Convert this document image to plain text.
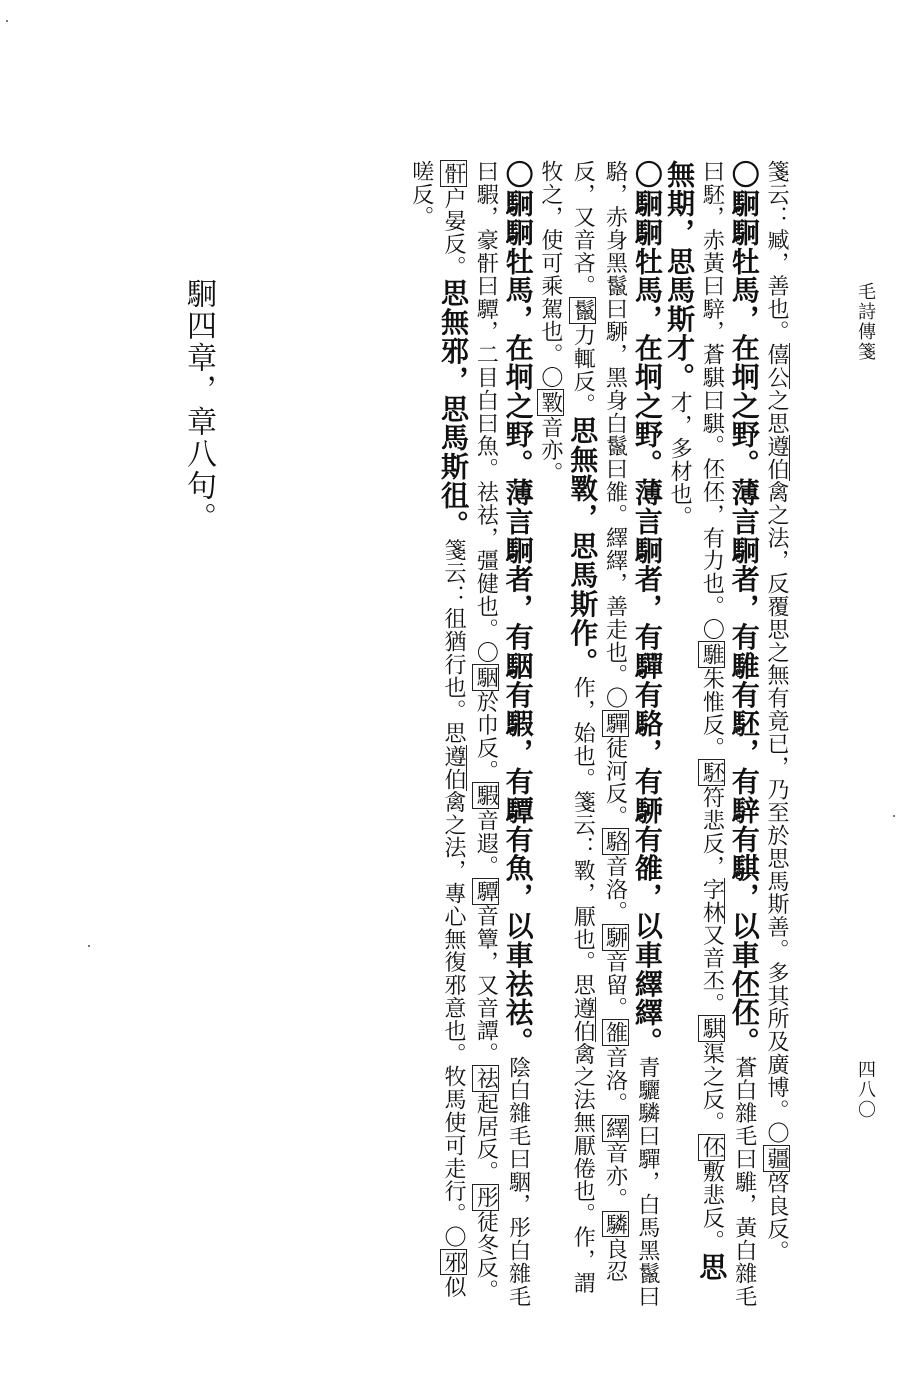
毛詩傳箋
四八〇

箋云：臧，善也。僖公之思遵伯禽之法，反覆思之無有竟已，乃至於思馬斯善。多其所及廣博。〇疆啓良反。

〇駉駉牡馬，在坰之野。薄言駉者，有騅有駓，有騂有騏，以車伾伾。蒼白雜毛曰騅，黃白雜毛曰駓，赤黃曰騂，蒼騏曰騏。伾伾，有力也。〇騅朱惟反。駓符悲反，字林又音丕。騏渠之反。伾敷悲反。思無期，思馬斯才。才，多材也。

〇駉駉牡馬，在坰之野。薄言駉者，有驒有駱，有駵有雒，以車繹繹。青驪驎曰驒，白馬黑鬣曰駱，赤身黑鬣曰駵，黑身白鬣曰雒。繹繹，善走也。〇驒徒河反。駱音洛。駵音留。雒音洛。繹音亦。驎良忍反，又音吝。鬣力輒反。思無斁，思馬斯作。作，始也。箋云：斁，厭也。思遵伯禽之法無厭倦也。作，謂牧之，使可乘駕也。〇斁音亦。

〇駉駉牡馬，在坰之野。薄言駉者，有駰有騢，有驔有魚，以車祛祛。陰白雜毛曰駰，彤白雜毛曰騢，豪骭曰驔，二目白曰魚。祛祛，彊健也。〇駰於巾反。騢音遐。驔音簟，又音譚。祛起居反。彤徒冬反。骭户晏反。思無邪，思馬斯徂。箋云：徂猶行也。思遵伯禽之法，專心無復邪意也。牧馬使可走行。〇邪似嗟反。

駉四章，章八句。
